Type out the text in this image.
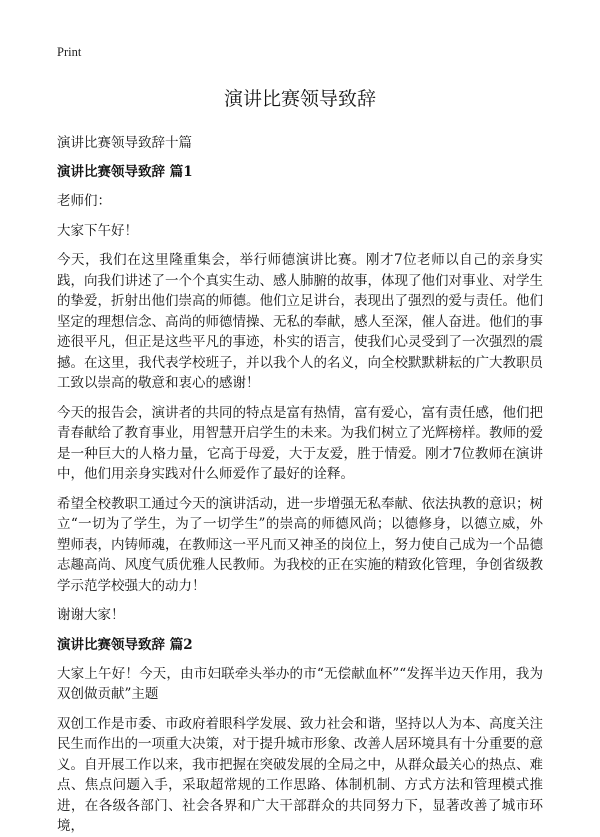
Print
演讲比赛领导致辞
演讲比赛领导致辞十篇
演讲比赛领导致辞 篇1

老师们：

大家下午好！

今天，我们在这里隆重集会，举行师德演讲比赛。刚才7位老师以自己的亲身实践，向我们讲述了一个个真实生动、感人肺腑的故事，体现了他们对事业、对学生的挚爱，折射出他们崇高的师德。他们立足讲台，表现出了强烈的爱与责任。他们坚定的理想信念、高尚的师德情操、无私的奉献，感人至深，催人奋进。他们的事迹很平凡，但正是这些平凡的事迹，朴实的语言，使我们心灵受到了一次强烈的震撼。在这里，我代表学校班子，并以我个人的名义，向全校默默耕耘的广大教职员工致以崇高的敬意和衷心的感谢！

今天的报告会，演讲者的共同的特点是富有热情，富有爱心，富有责任感，他们把青春献给了教育事业，用智慧开启学生的未来。为我们树立了光辉榜样。教师的爱是一种巨大的人格力量，它高于母爱，大于友爱，胜于情爱。刚才7位教师在演讲中，他们用亲身实践对什么师爱作了最好的诠释。

希望全校教职工通过今天的演讲活动，进一步增强无私奉献、依法执教的意识；树立“一切为了学生，为了一切学生”的崇高的师德风尚；以德修身，以德立威，外塑师表，内铸师魂，在教师这一平凡而又神圣的岗位上，努力使自己成为一个品德志趣高尚、风度气质优雅人民教师。为我校的正在实施的精致化管理，争创省级教学示范学校强大的动力！

谢谢大家！

演讲比赛领导致辞 篇2

大家上午好！今天，由市妇联牵头举办的市“无偿献血杯”“发挥半边天作用，我为双创做贡献”主题

双创工作是市委、市政府着眼科学发展、致力社会和谐，坚持以人为本、高度关注民生而作出的一项重大决策，对于提升城市形象、改善人居环境具有十分重要的意义。自开展工作以来，我市把握在突破发展的全局之中，从群众最关心的热点、难点、焦点问题入手，采取超常规的工作思路、体制机制、方式方法和管理模式推进，在各级各部门、社会各界和广大干部群众的共同努力下，显著改善了城市环境，
